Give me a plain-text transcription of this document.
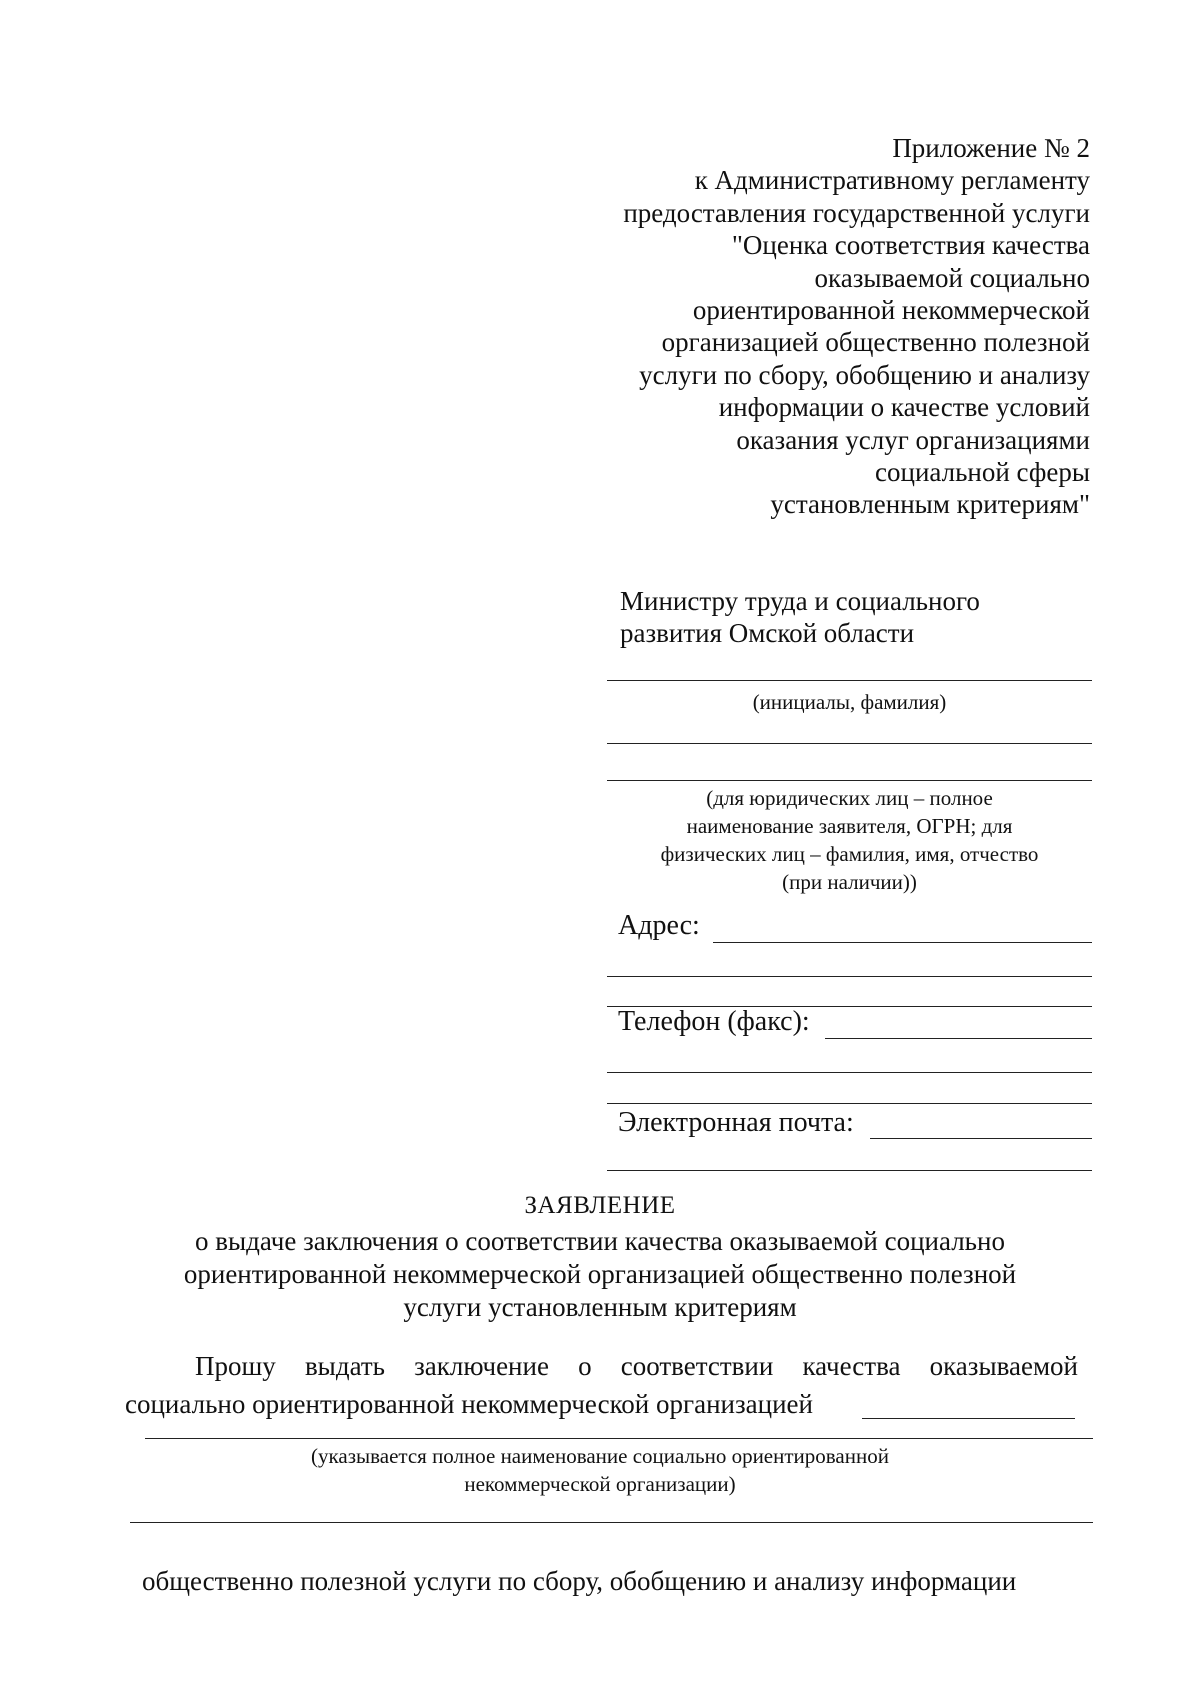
Приложение № 2
к Административному регламенту
предоставления государственной услуги
"Оценка соответствия качества
оказываемой социально
ориентированной некоммерческой
организацией общественно полезной
услуги по сбору, обобщению и анализу
информации о качестве условий
оказания услуг организациями
социальной сферы
установленным критериям"
Министру труда и социального
развития Омской области
(инициалы, фамилия)
(для юридических лиц – полное
наименование заявителя, ОГРН; для
физических лиц – фамилия, имя, отчество
(при наличии))
Адрес:
Телефон (факс):
Электронная почта:
ЗАЯВЛЕНИЕ
о выдаче заключения о соответствии качества оказываемой социально
ориентированной некоммерческой организацией общественно полезной
услуги установленным критериям
Прошу выдать заключение о соответствии качества оказываемой
социально ориентированной некоммерческой организацией
(указывается полное наименование социально ориентированной
некоммерческой организации)
общественно полезной услуги по сбору, обобщению и анализу информации
